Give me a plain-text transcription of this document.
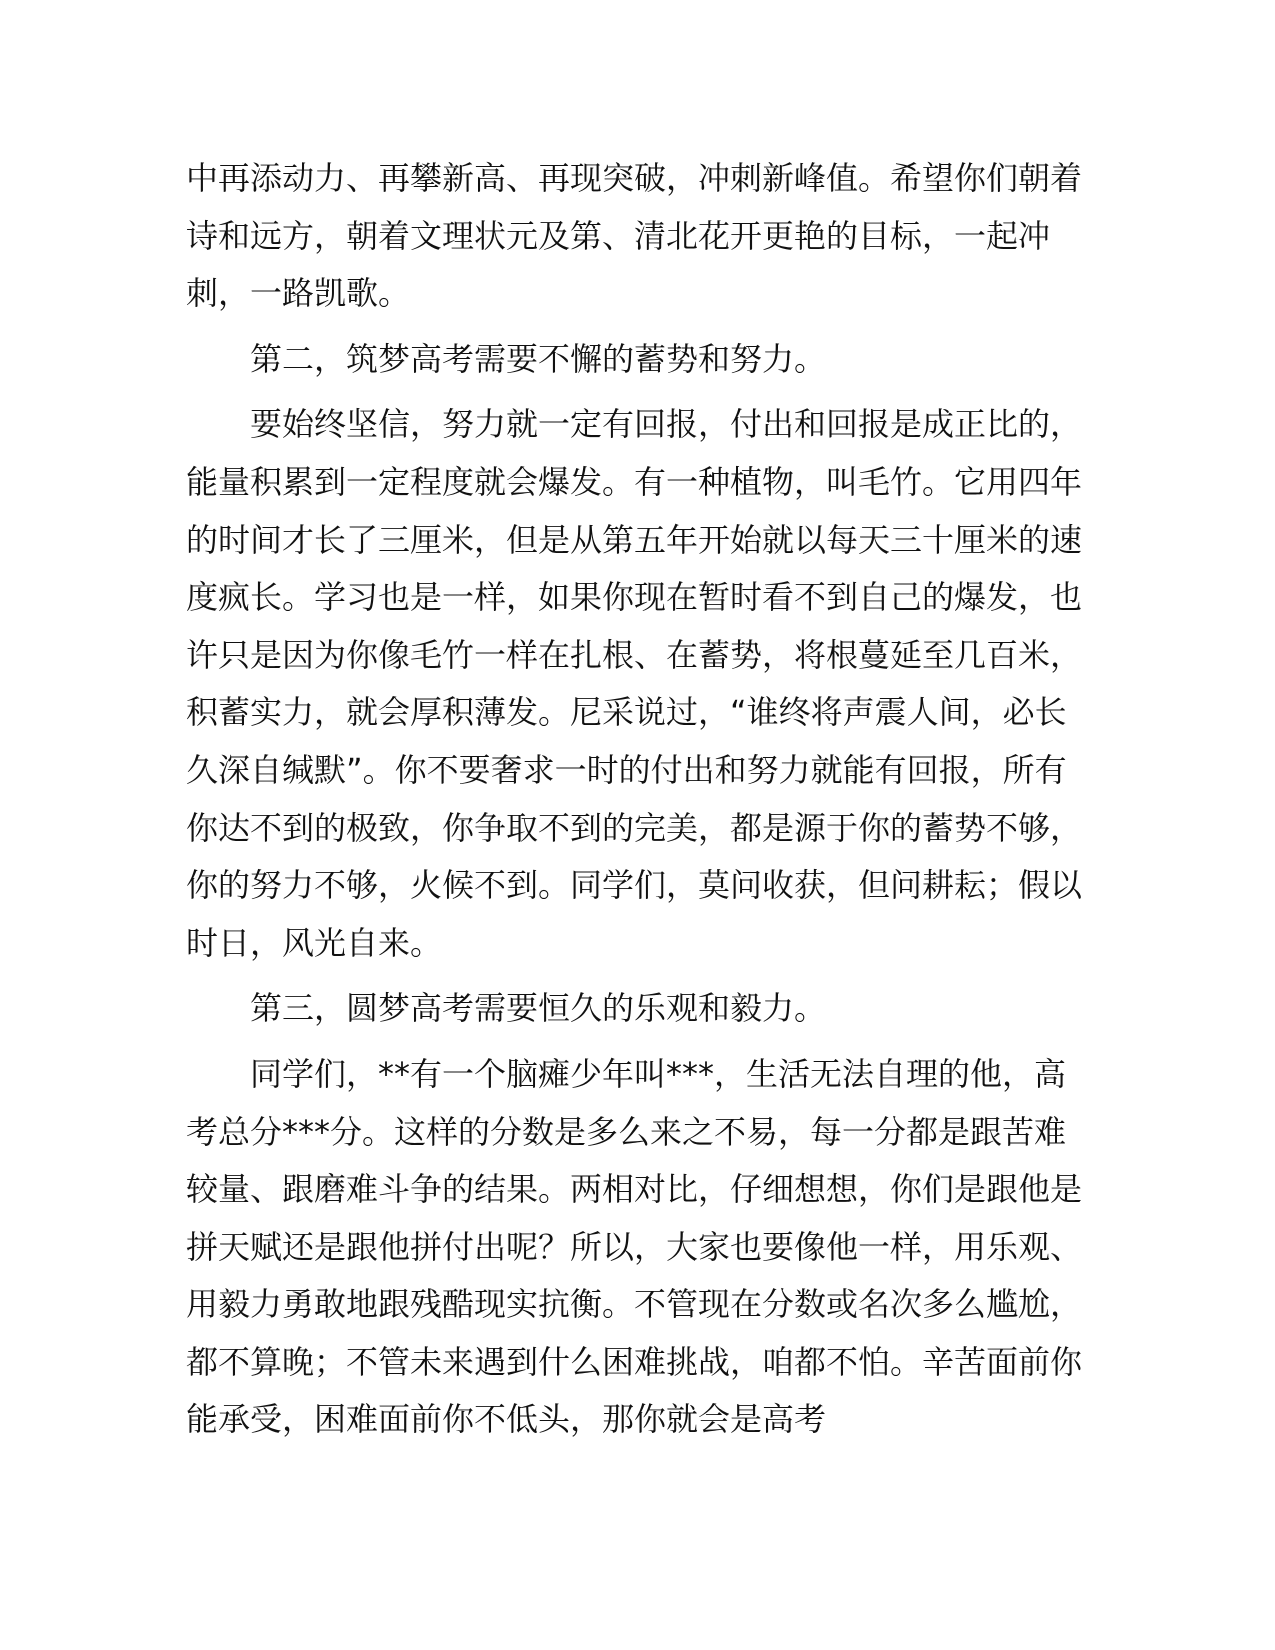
中再添动力、再攀新高、再现突破，冲刺新峰值。希望你们朝着诗和远方，朝着文理状元及第、清北花开更艳的目标，一起冲刺，一路凯歌。

第二，筑梦高考需要不懈的蓄势和努力。

要始终坚信，努力就一定有回报，付出和回报是成正比的，能量积累到一定程度就会爆发。有一种植物，叫毛竹。它用四年的时间才长了三厘米，但是从第五年开始就以每天三十厘米的速度疯长。学习也是一样，如果你现在暂时看不到自己的爆发，也许只是因为你像毛竹一样在扎根、在蓄势，将根蔓延至几百米，积蓄实力，就会厚积薄发。尼采说过，“谁终将声震人间，必长久深自缄默”。你不要奢求一时的付出和努力就能有回报，所有你达不到的极致，你争取不到的完美，都是源于你的蓄势不够，你的努力不够，火候不到。同学们，莫问收获，但问耕耘；假以时日，风光自来。

第三，圆梦高考需要恒久的乐观和毅力。

同学们，**有一个脑瘫少年叫***，生活无法自理的他，高考总分***分。这样的分数是多么来之不易，每一分都是跟苦难较量、跟磨难斗争的结果。两相对比，仔细想想，你们是跟他是拼天赋还是跟他拼付出呢？所以，大家也要像他一样，用乐观、用毅力勇敢地跟残酷现实抗衡。不管现在分数或名次多么尴尬，都不算晚；不管未来遇到什么困难挑战，咱都不怕。辛苦面前你能承受，困难面前你不低头，那你就会是高考
